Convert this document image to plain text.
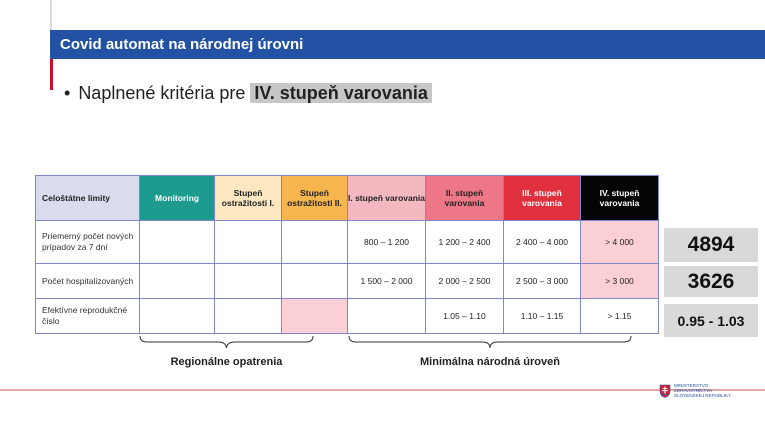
Covid automat na národnej úrovni
• Naplnené kritéria pre IV. stupeň varovania
Celoštátne limity	Monitoring	Stupeň ostražitosti I.	Stupeň ostražitosti II.	I. stupeň varovania	II. stupeň varovania	III. stupeň varovania	IV. stupeň varovania
Priemerný počet nových prípadov za 7 dní				800 – 1 200	1 200 – 2 400	2 400 – 4 000	> 4 000
Počet hospitalizovaných				1 500 – 2 000	2 000 – 2 500	2 500 – 3 000	> 3 000
Efektívne reprodukčné číslo					1.05 – 1.10	1.10 – 1.15	> 1.15
4894
3626
0.95 - 1.03
Regionálne opatrenia	Minimálna národná úroveň
MINISTERSTVO
ZDRAVOTNÍCTVA
SLOVENSKEJ REPUBLIKY
